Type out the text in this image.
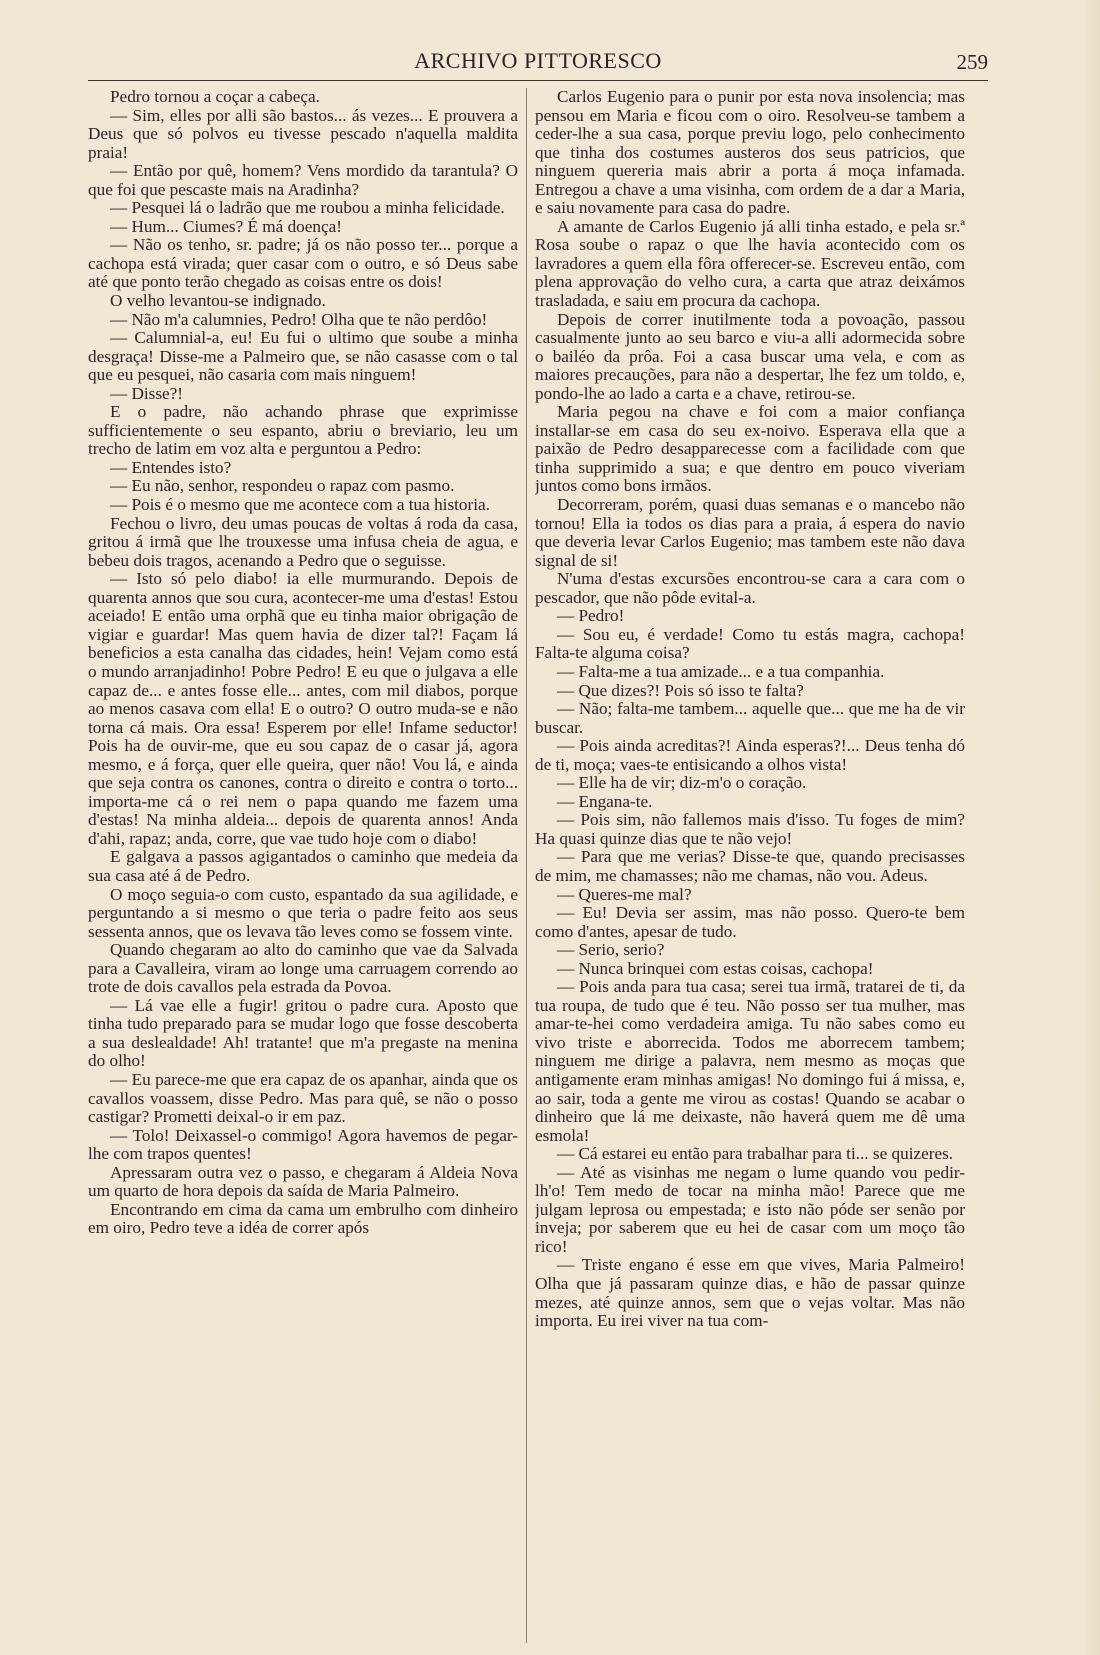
ARCHIVO PITTORESCO	259

Pedro tornou a coçar a cabeça.

— Sim, elles por alli são bastos... ás vezes... E prouvera a Deus que só polvos eu tivesse pescado n'aquella maldita praia!

— Então por quê, homem? Vens mordido da tarantula? O que foi que pescaste mais na Aradinha?

— Pesquei lá o ladrão que me roubou a minha felicidade.

— Hum... Ciumes? É má doença!

— Não os tenho, sr. padre; já os não posso ter... porque a cachopa está virada; quer casar com o outro, e só Deus sabe até que ponto terão chegado as coisas entre os dois!

O velho levantou-se indignado.

— Não m'a calumnies, Pedro! Olha que te não perdôo!

— Calumnial-a, eu! Eu fui o ultimo que soube a minha desgraça! Disse-me a Palmeiro que, se não casasse com o tal que eu pesquei, não casaria com mais ninguem!

— Disse?!

E o padre, não achando phrase que exprimisse sufficientemente o seu espanto, abriu o breviario, leu um trecho de latim em voz alta e perguntou a Pedro:

— Entendes isto?

— Eu não, senhor, respondeu o rapaz com pasmo.

— Pois é o mesmo que me acontece com a tua historia.

Fechou o livro, deu umas poucas de voltas á roda da casa, gritou á irmã que lhe trouxesse uma infusa cheia de agua, e bebeu dois tragos, acenando a Pedro que o seguisse.

— Isto só pelo diabo! ia elle murmurando. Depois de quarenta annos que sou cura, acontecer-me uma d'estas! Estou aceiado! E então uma orphã que eu tinha maior obrigação de vigiar e guardar! Mas quem havia de dizer tal?! Façam lá beneficios a esta canalha das cidades, hein! Vejam como está o mundo arranjadinho! Pobre Pedro! E eu que o julgava a elle capaz de... e antes fosse elle... antes, com mil diabos, porque ao menos casava com ella! E o outro? O outro muda-se e não torna cá mais. Ora essa! Esperem por elle! Infame seductor! Pois ha de ouvir-me, que eu sou capaz de o casar já, agora mesmo, e á força, quer elle queira, quer não! Vou lá, e ainda que seja contra os canones, contra o direito e contra o torto... importa-me cá o rei nem o papa quando me fazem uma d'estas! Na minha aldeia... depois de quarenta annos! Anda d'ahi, rapaz; anda, corre, que vae tudo hoje com o diabo!

E galgava a passos agigantados o caminho que medeia da sua casa até á de Pedro.

O moço seguia-o com custo, espantado da sua agilidade, e perguntando a si mesmo o que teria o padre feito aos seus sessenta annos, que os levava tão leves como se fossem vinte.

Quando chegaram ao alto do caminho que vae da Salvada para a Cavalleira, viram ao longe uma carruagem correndo ao trote de dois cavallos pela estrada da Povoa.

— Lá vae elle a fugir! gritou o padre cura. Aposto que tinha tudo preparado para se mudar logo que fosse descoberta a sua deslealdade! Ah! tratante! que m'a pregaste na menina do olho!

— Eu parece-me que era capaz de os apanhar, ainda que os cavallos voassem, disse Pedro. Mas para quê, se não o posso castigar? Prometti deixal-o ir em paz.

— Tolo! Deixassel-o commigo! Agora havemos de pegar-lhe com trapos quentes!

Apressaram outra vez o passo, e chegaram á Aldeia Nova um quarto de hora depois da saída de Maria Palmeiro.

Encontrando em cima da cama um embrulho com dinheiro em oiro, Pedro teve a idéa de correr após

Carlos Eugenio para o punir por esta nova insolencia; mas pensou em Maria e ficou com o oiro. Resolveu-se tambem a ceder-lhe a sua casa, porque previu logo, pelo conhecimento que tinha dos costumes austeros dos seus patricios, que ninguem quereria mais abrir a porta á moça infamada. Entregou a chave a uma visinha, com ordem de a dar a Maria, e saiu novamente para casa do padre.

A amante de Carlos Eugenio já alli tinha estado, e pela sr.ª Rosa soube o rapaz o que lhe havia acontecido com os lavradores a quem ella fôra offerecer-se. Escreveu então, com plena approvação do velho cura, a carta que atraz deixámos trasladada, e saiu em procura da cachopa.

Depois de correr inutilmente toda a povoação, passou casualmente junto ao seu barco e viu-a alli adormecida sobre o bailéo da prôa. Foi a casa buscar uma vela, e com as maiores precauções, para não a despertar, lhe fez um toldo, e, pondo-lhe ao lado a carta e a chave, retirou-se.

Maria pegou na chave e foi com a maior confiança installar-se em casa do seu ex-noivo. Esperava ella que a paixão de Pedro desapparecesse com a facilidade com que tinha supprimido a sua; e que dentro em pouco viveriam juntos como bons irmãos.

Decorreram, porém, quasi duas semanas e o mancebo não tornou! Ella ia todos os dias para a praia, á espera do navio que deveria levar Carlos Eugenio; mas tambem este não dava signal de si!

N'uma d'estas excursões encontrou-se cara a cara com o pescador, que não pôde evital-a.

— Pedro!

— Sou eu, é verdade! Como tu estás magra, cachopa! Falta-te alguma coisa?

— Falta-me a tua amizade... e a tua companhia.

— Que dizes?! Pois só isso te falta?

— Não; falta-me tambem... aquelle que... que me ha de vir buscar.

— Pois ainda acreditas?! Ainda esperas?!... Deus tenha dó de ti, moça; vaes-te entisicando a olhos vista!

— Elle ha de vir; diz-m'o o coração.

— Engana-te.

— Pois sim, não fallemos mais d'isso. Tu foges de mim? Ha quasi quinze dias que te não vejo!

— Para que me verias? Disse-te que, quando precisasses de mim, me chamasses; não me chamas, não vou. Adeus.

— Queres-me mal?

— Eu! Devia ser assim, mas não posso. Quero-te bem como d'antes, apesar de tudo.

— Serio, serio?

— Nunca brinquei com estas coisas, cachopa!

— Pois anda para tua casa; serei tua irmã, tratarei de ti, da tua roupa, de tudo que é teu. Não posso ser tua mulher, mas amar-te-hei como verdadeira amiga. Tu não sabes como eu vivo triste e aborrecida. Todos me aborrecem tambem; ninguem me dirige a palavra, nem mesmo as moças que antigamente eram minhas amigas! No domingo fui á missa, e, ao sair, toda a gente me virou as costas! Quando se acabar o dinheiro que lá me deixaste, não haverá quem me dê uma esmola!

— Cá estarei eu então para trabalhar para ti... se quizeres.

— Até as visinhas me negam o lume quando vou pedir-lh'o! Tem medo de tocar na minha mão! Parece que me julgam leprosa ou empestada; e isto não póde ser senão por inveja; por saberem que eu hei de casar com um moço tão rico!

— Triste engano é esse em que vives, Maria Palmeiro! Olha que já passaram quinze dias, e hão de passar quinze mezes, até quinze annos, sem que o vejas voltar. Mas não importa. Eu irei viver na tua com-
